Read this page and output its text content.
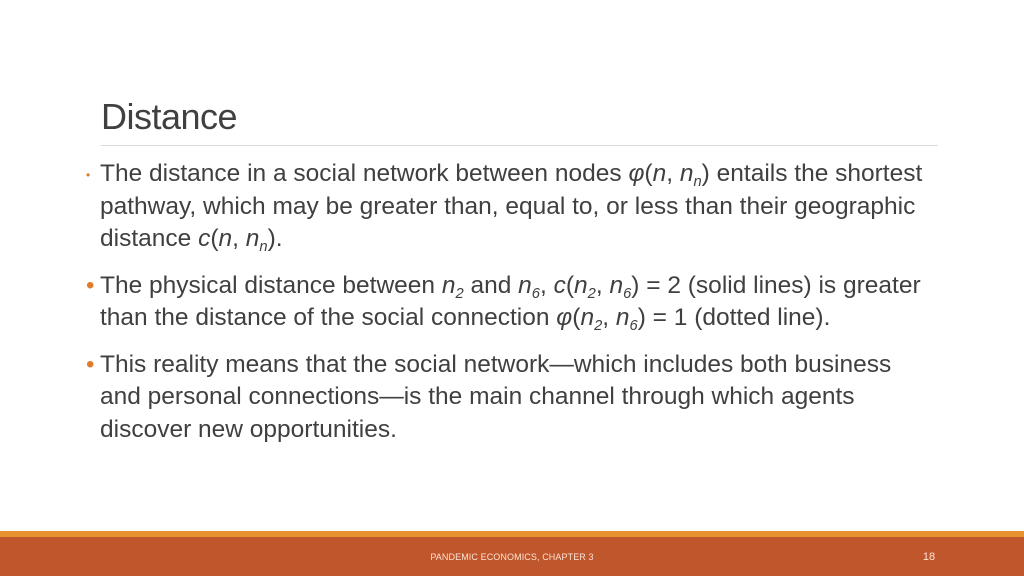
Distance
• The distance in a social network between nodes φ(n, $n_n$) entails the shortest pathway, which may be greater than, equal to, or less than their geographic distance c(n, $n_n$).
• The physical distance between $n_2$ and $n_6$, $c(n_2$, $n_6) = 2$ (solid lines) is greater than the distance of the social connection $\varphi(n_2$, $n_6) = 1$ (dotted line).
• This reality means that the social network—which includes both business and personal connections—is the main channel through which agents discover new opportunities.
PANDEMIC ECONOMICS, CHAPTER 3	18
